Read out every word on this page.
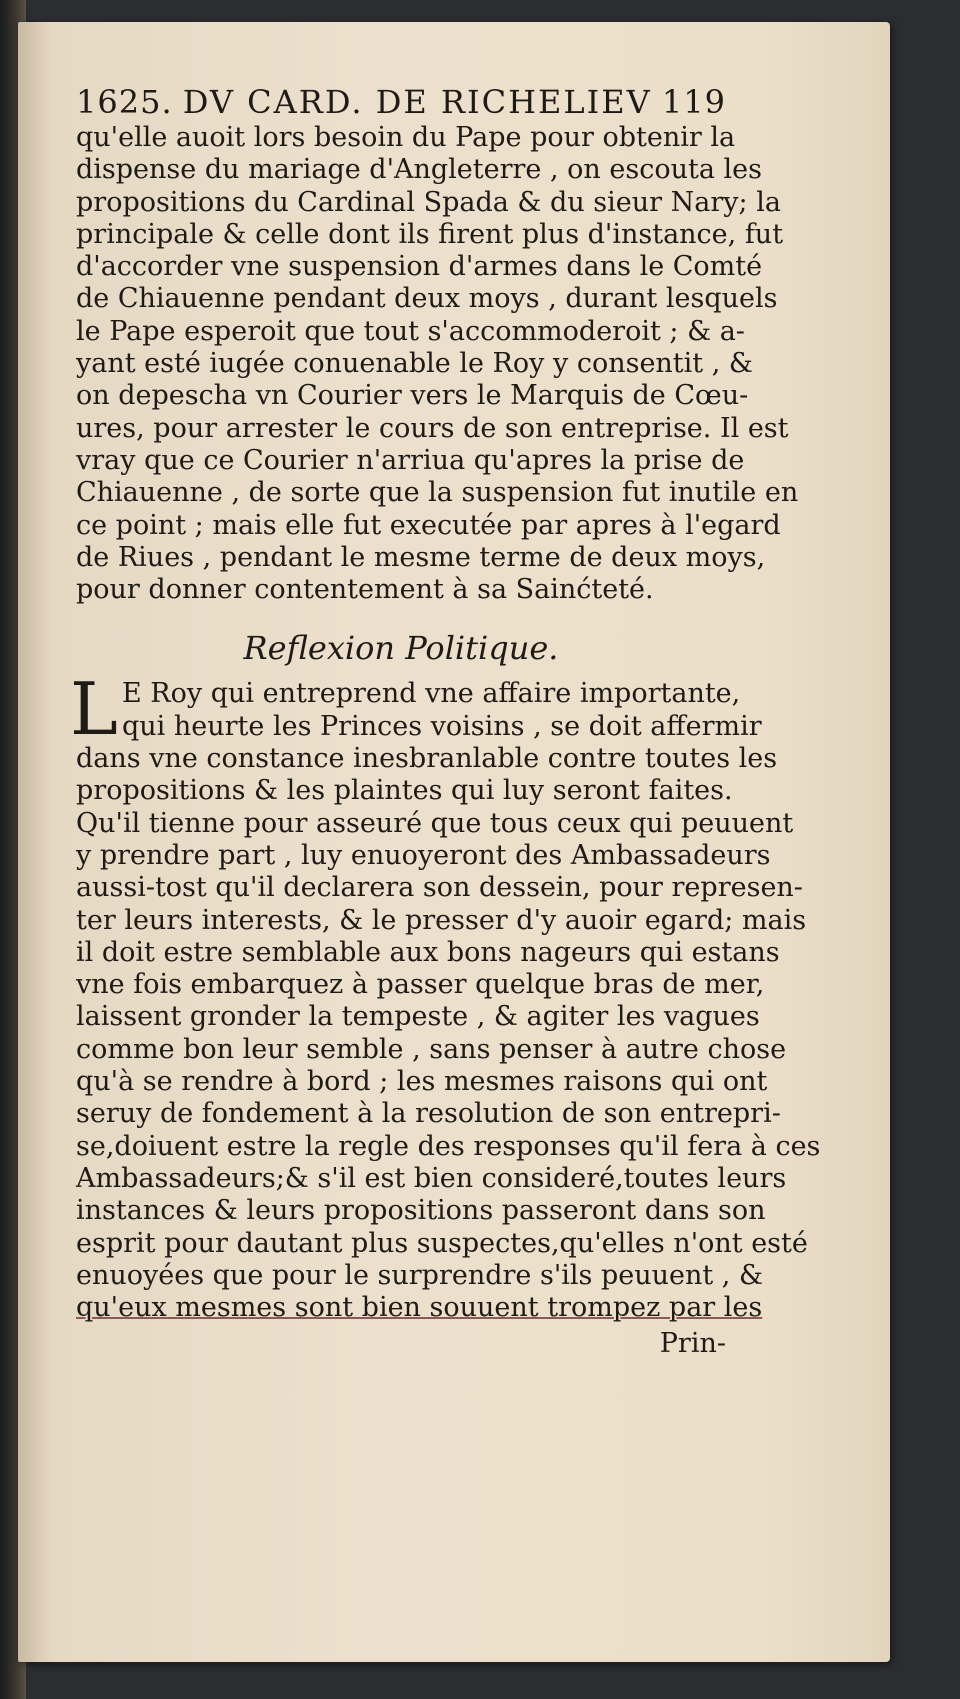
1625. DV CARD. DE RICHELIEV 119
qu'elle auoit lors besoin du Pape pour obtenir la
dispense du mariage d'Angleterre , on escouta les
propositions du Cardinal Spada & du sieur Nary; la
principale & celle dont ils firent plus d'instance, fut
d'accorder vne suspension d'armes dans le Comté
de Chiauenne pendant deux moys , durant lesquels
le Pape esperoit que tout s'accommoderoit ; & a-
yant esté iugée conuenable le Roy y consentit , &
on depescha vn Courier vers le Marquis de Cœu-
ures, pour arrester le cours de son entreprise. Il est
vray que ce Courier n'arriua qu'apres la prise de
Chiauenne , de sorte que la suspension fut inutile en
ce point ; mais elle fut executée par apres à l'egard
de Riues , pendant le mesme terme de deux moys,
pour donner contentement à sa Sainćteté.
Reflexion Politique.
L E Roy qui entreprend vne affaire importante,
qui heurte les Princes voisins , se doit affermir
dans vne constance inesbranlable contre toutes les
propositions & les plaintes qui luy seront faites.
Qu'il tienne pour asseuré que tous ceux qui peuuent
y prendre part , luy enuoyeront des Ambassadeurs
aussi-tost qu'il declarera son dessein, pour represen-
ter leurs interests, & le presser d'y auoir egard; mais
il doit estre semblable aux bons nageurs qui estans
vne fois embarquez à passer quelque bras de mer,
laissent gronder la tempeste , & agiter les vagues
comme bon leur semble , sans penser à autre chose
qu'à se rendre à bord ; les mesmes raisons qui ont
seruy de fondement à la resolution de son entrepri-
se,doiuent estre la regle des responses qu'il fera à ces
Ambassadeurs;& s'il est bien consideré,toutes leurs
instances & leurs propositions passeront dans son
esprit pour dautant plus suspectes,qu'elles n'ont esté
enuoyées que pour le surprendre s'ils peuuent , &
qu'eux mesmes sont bien souuent trompez par les
Prin-
